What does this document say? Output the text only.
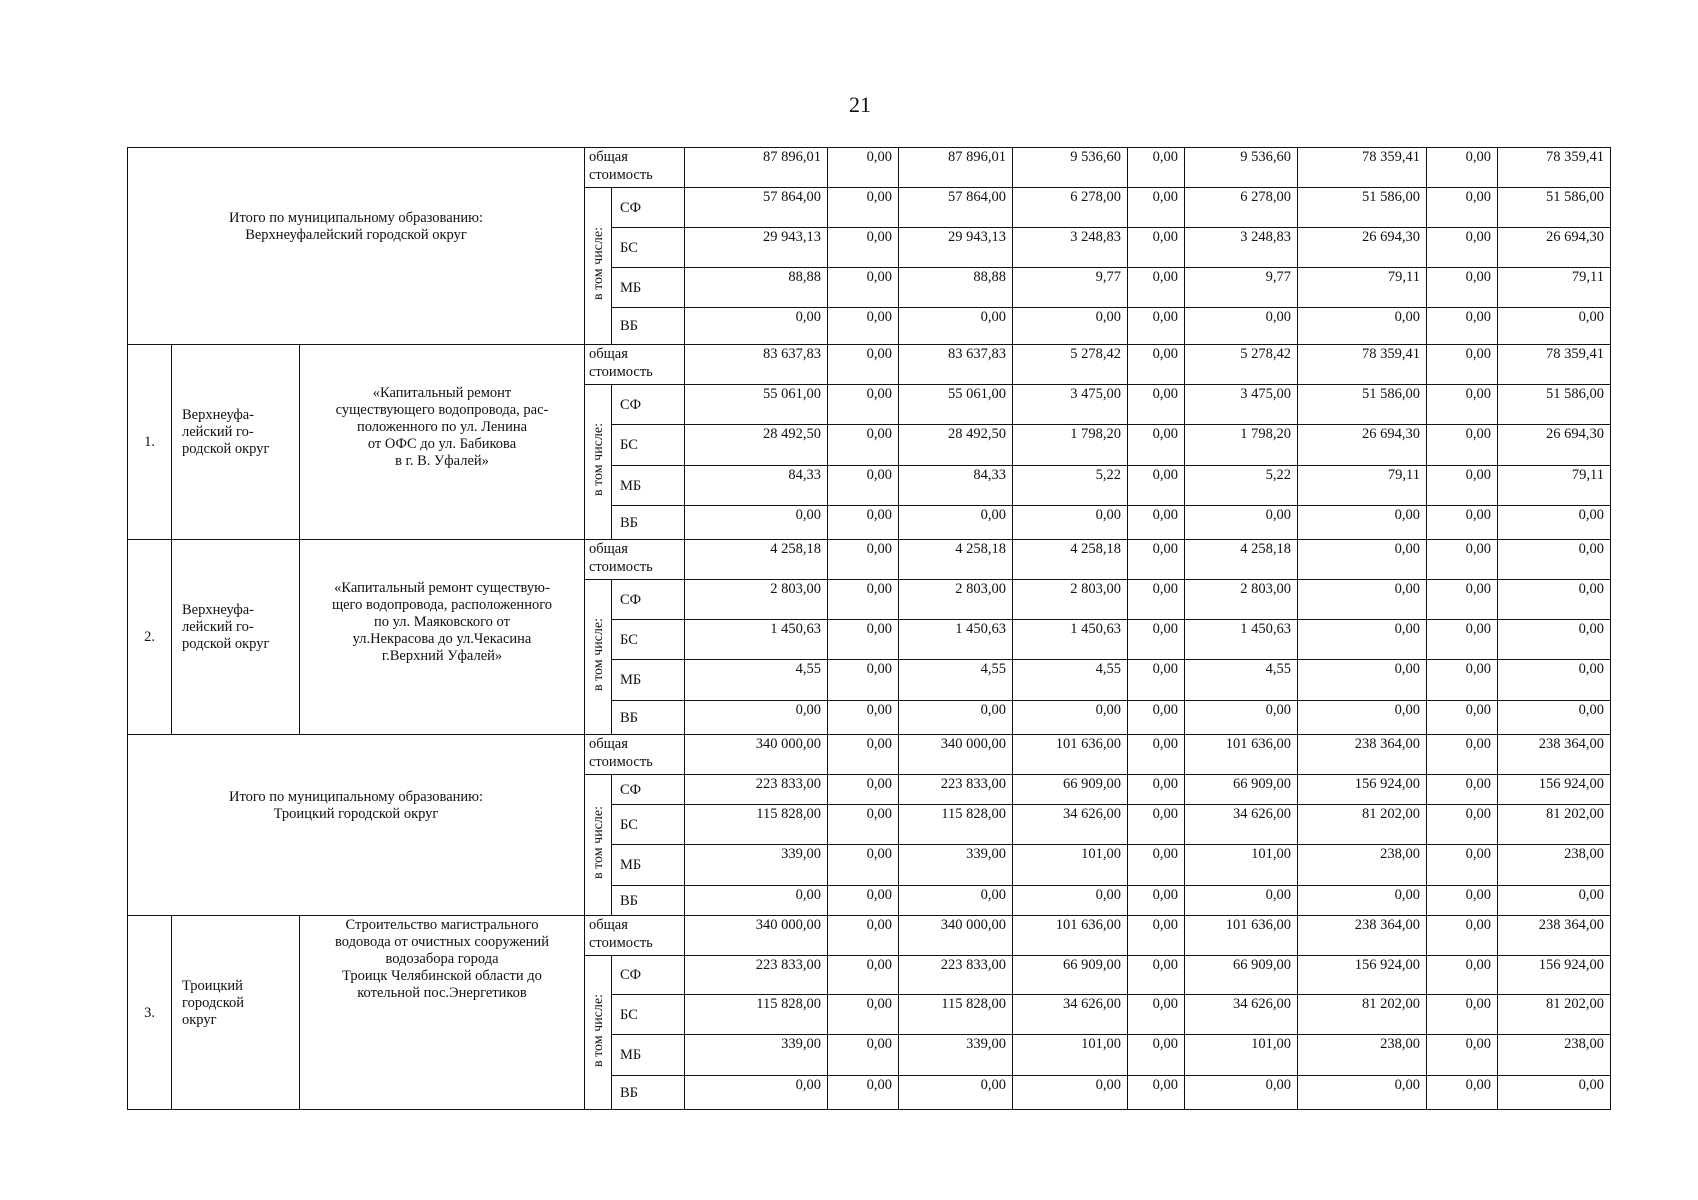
21
Итого по муниципальному образованию:
Верхнеуфалейский городской округ			общая стоимость		87 896,01	0,00	87 896,01	9 536,60	0,00	9 536,60	78 359,41	0,00	78 359,41
			в том числе:	СФ	57 864,00	0,00	57 864,00	6 278,00	0,00	6 278,00	51 586,00	0,00	51 586,00
				БС	29 943,13	0,00	29 943,13	3 248,83	0,00	3 248,83	26 694,30	0,00	26 694,30
				МБ	88,88	0,00	88,88	9,77	0,00	9,77	79,11	0,00	79,11
				ВБ	0,00	0,00	0,00	0,00	0,00	0,00	0,00	0,00	0,00
1.	Верхнеуфа-
лейский го-
родской округ	«Капитальный ремонт
существующего водопровода, рас-
положенного по ул. Ленина
от ОФС до ул. Бабикова
в г. В. Уфалей»	общая стоимость		83 637,83	0,00	83 637,83	5 278,42	0,00	5 278,42	78 359,41	0,00	78 359,41
			в том числе:	СФ	55 061,00	0,00	55 061,00	3 475,00	0,00	3 475,00	51 586,00	0,00	51 586,00
				БС	28 492,50	0,00	28 492,50	1 798,20	0,00	1 798,20	26 694,30	0,00	26 694,30
				МБ	84,33	0,00	84,33	5,22	0,00	5,22	79,11	0,00	79,11
				ВБ	0,00	0,00	0,00	0,00	0,00	0,00	0,00	0,00	0,00
2.	Верхнеуфа-
лейский го-
родской округ	«Капитальный ремонт существую-
щего водопровода, расположенного
по ул. Маяковского от
ул.Некрасова до ул.Чекасина
г.Верхний Уфалей»	общая стоимость		4 258,18	0,00	4 258,18	4 258,18	0,00	4 258,18	0,00	0,00	0,00
			в том числе:	СФ	2 803,00	0,00	2 803,00	2 803,00	0,00	2 803,00	0,00	0,00	0,00
				БС	1 450,63	0,00	1 450,63	1 450,63	0,00	1 450,63	0,00	0,00	0,00
				МБ	4,55	0,00	4,55	4,55	0,00	4,55	0,00	0,00	0,00
				ВБ	0,00	0,00	0,00	0,00	0,00	0,00	0,00	0,00	0,00
Итого по муниципальному образованию:
Троицкий городской округ			общая стоимость		340 000,00	0,00	340 000,00	101 636,00	0,00	101 636,00	238 364,00	0,00	238 364,00
			в том числе:	СФ	223 833,00	0,00	223 833,00	66 909,00	0,00	66 909,00	156 924,00	0,00	156 924,00
				БС	115 828,00	0,00	115 828,00	34 626,00	0,00	34 626,00	81 202,00	0,00	81 202,00
				МБ	339,00	0,00	339,00	101,00	0,00	101,00	238,00	0,00	238,00
				ВБ	0,00	0,00	0,00	0,00	0,00	0,00	0,00	0,00	0,00
3.	Троицкий
городской
округ	Строительство магистрального
водовода от очистных сооружений
водозабора города
Троицк Челябинской области до
котельной пос.Энергетиков	общая стоимость		340 000,00	0,00	340 000,00	101 636,00	0,00	101 636,00	238 364,00	0,00	238 364,00
			в том числе:	СФ	223 833,00	0,00	223 833,00	66 909,00	0,00	66 909,00	156 924,00	0,00	156 924,00
				БС	115 828,00	0,00	115 828,00	34 626,00	0,00	34 626,00	81 202,00	0,00	81 202,00
				МБ	339,00	0,00	339,00	101,00	0,00	101,00	238,00	0,00	238,00
				ВБ	0,00	0,00	0,00	0,00	0,00	0,00	0,00	0,00	0,00
